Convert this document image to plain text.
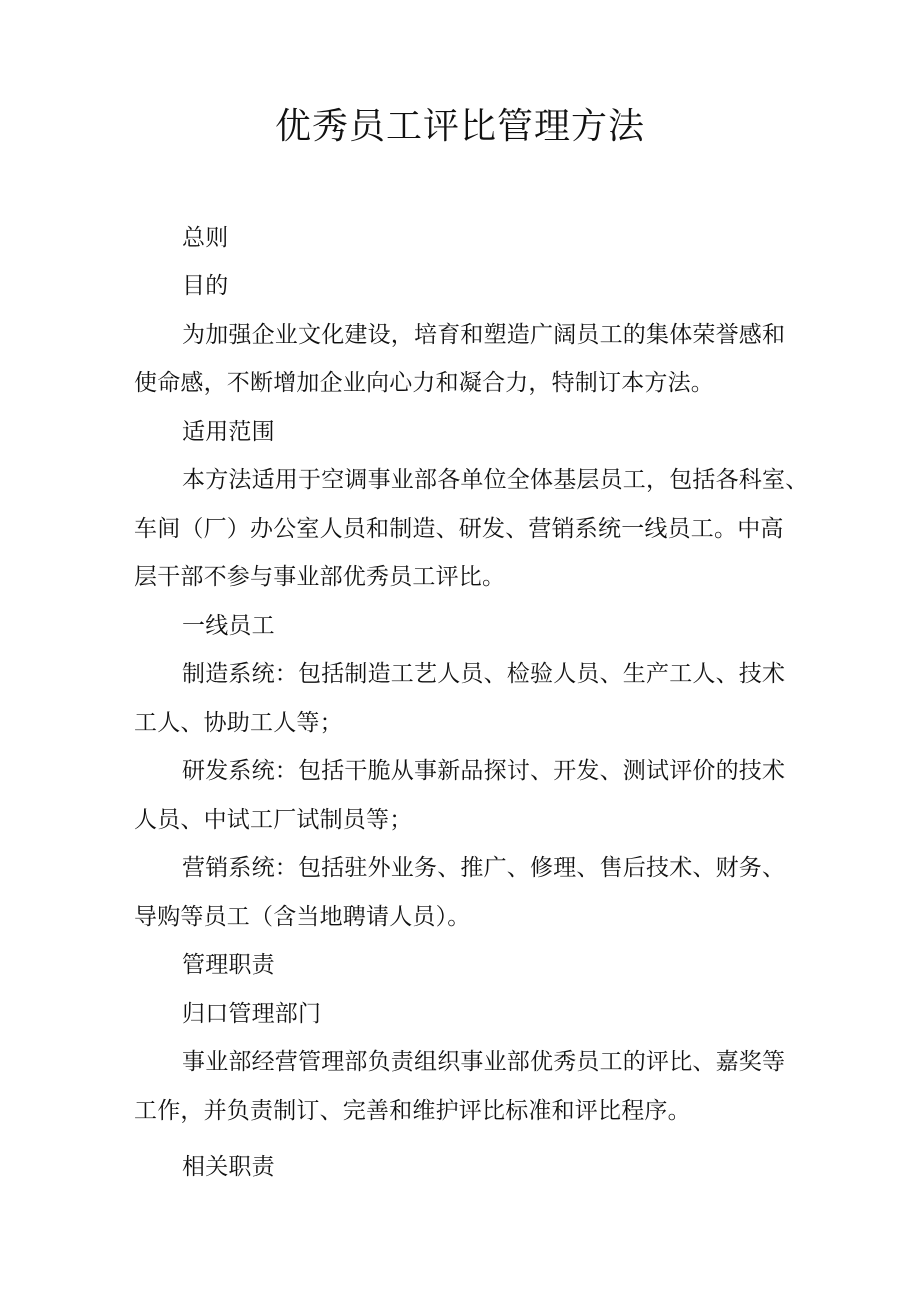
优秀员工评比管理方法
总则
目的
为加强企业文化建设，培育和塑造广阔员工的集体荣誉感和
使命感，不断增加企业向心力和凝合力，特制订本方法。
适用范围
本方法适用于空调事业部各单位全体基层员工，包括各科室、
车间（厂）办公室人员和制造、研发、营销系统一线员工。中高
层干部不参与事业部优秀员工评比。
一线员工
制造系统：包括制造工艺人员、检验人员、生产工人、技术
工人、协助工人等；
研发系统：包括干脆从事新品探讨、开发、测试评价的技术
人员、中试工厂试制员等；
营销系统：包括驻外业务、推广、修理、售后技术、财务、
导购等员工（含当地聘请人员）。
管理职责
归口管理部门
事业部经营管理部负责组织事业部优秀员工的评比、嘉奖等
工作，并负责制订、完善和维护评比标准和评比程序。
相关职责
